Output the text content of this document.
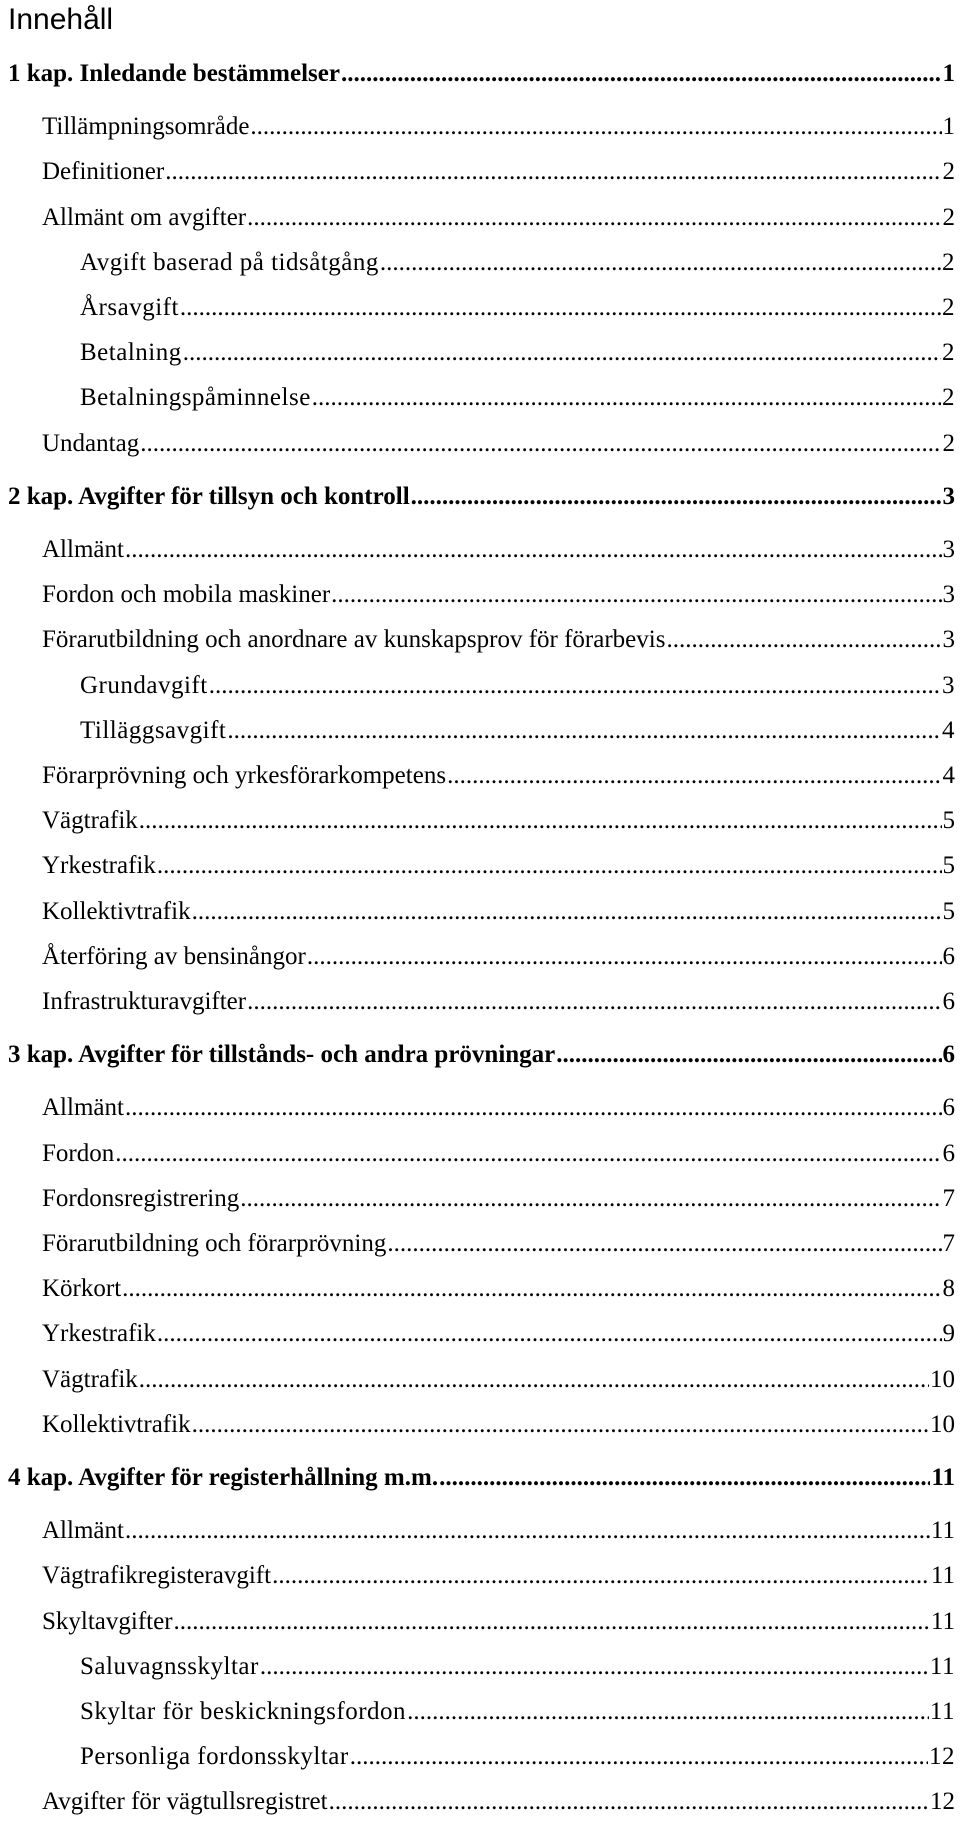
Innehåll
1 kap. Inledande bestämmelser .....	1
Tillämpningsområde .....	1
Definitioner .....	2
Allmänt om avgifter .....	2
Avgift baserad på tidsåtgång .....	2
Årsavgift .....	2
Betalning .....	2
Betalningspåminnelse .....	2
Undantag .....	2
2 kap. Avgifter för tillsyn och kontroll .....	3
Allmänt .....	3
Fordon och mobila maskiner .....	3
Förarutbildning och anordnare av kunskapsprov för förarbevis .....	3
Grundavgift .....	3
Tilläggsavgift .....	4
Förarprövning och yrkesförarkompetens .....	4
Vägtrafik .....	5
Yrkestrafik .....	5
Kollektivtrafik .....	5
Återföring av bensinångor .....	6
Infrastrukturavgifter .....	6
3 kap. Avgifter för tillstånds- och andra prövningar .....	6
Allmänt .....	6
Fordon .....	6
Fordonsregistrering .....	7
Förarutbildning och förarprövning .....	7
Körkort .....	8
Yrkestrafik .....	9
Vägtrafik .....	10
Kollektivtrafik .....	10
4 kap. Avgifter för registerhållning m.m. .....	11
Allmänt .....	11
Vägtrafikregisteravgift .....	11
Skyltavgifter .....	11
Saluvagnsskyltar .....	11
Skyltar för beskickningsfordon .....	11
Personliga fordonsskyltar .....	12
Avgifter för vägtullsregistret .....	12
